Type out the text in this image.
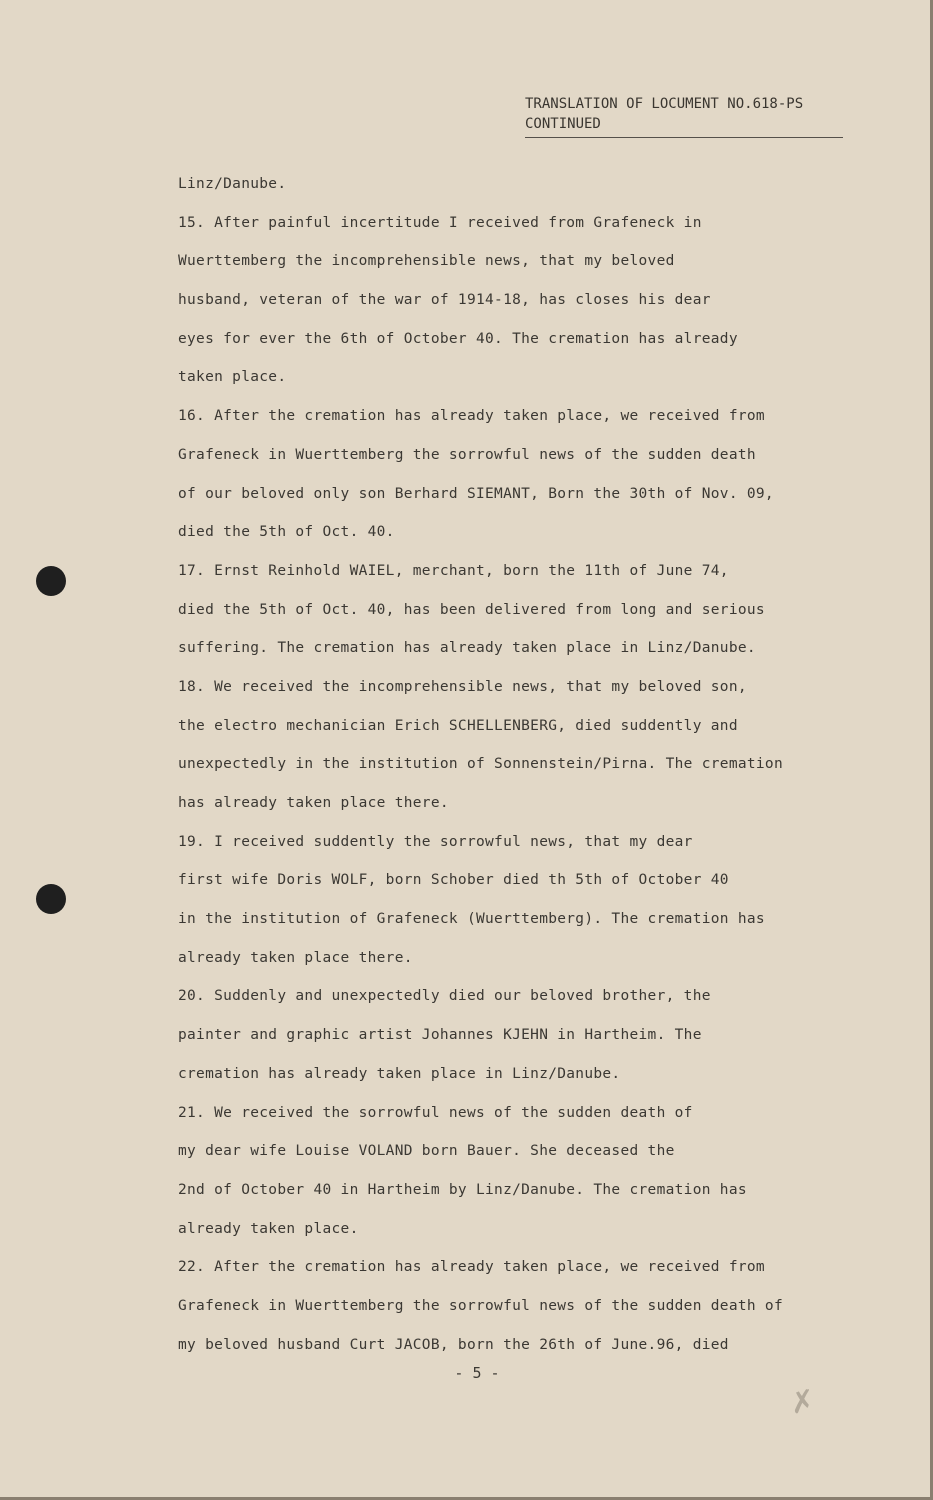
TRANSLATION OF LOCUMENT NO.618-PS
CONTINUED
Linz/Danube.
15. After painful incertitude I received from Grafeneck in
Wuerttemberg the incomprehensible news, that my beloved
husband, veteran of the war of 1914-18, has closes his dear
eyes for ever the 6th of October 40. The cremation has already
taken place.
16. After the cremation has already taken place, we received from
Grafeneck in Wuerttemberg the sorrowful news of the sudden death
of our beloved only son Berhard SIEMANT, Born the 30th of Nov. 09,
died the 5th of Oct. 40.
17. Ernst Reinhold WAIEL, merchant, born the 11th of June 74,
died the 5th of Oct. 40, has been delivered from long and serious
suffering. The cremation has already taken place in Linz/Danube.
18. We received the incomprehensible news, that my beloved son,
the electro mechanician Erich SCHELLENBERG, died suddently and
unexpectedly in the institution of Sonnenstein/Pirna. The cremation
has already taken place there.
19. I received suddently the sorrowful news, that my dear
first wife Doris WOLF, born Schober died th 5th of October 40
in the institution of Grafeneck (Wuerttemberg). The cremation has
already taken place there.
20. Suddenly and unexpectedly died our beloved brother, the
painter and graphic artist Johannes KJEHN in Hartheim. The
cremation has already taken place in Linz/Danube.
21. We received the sorrowful news of the sudden death of
my dear wife Louise VOLAND born Bauer. She deceased the
2nd of October 40 in Hartheim by Linz/Danube. The cremation has
already taken place.
22. After the cremation has already taken place, we received from
Grafeneck in Wuerttemberg the sorrowful news of the sudden death of
my beloved husband Curt JACOB, born the 26th of June.96, died
- 5 -
✗
